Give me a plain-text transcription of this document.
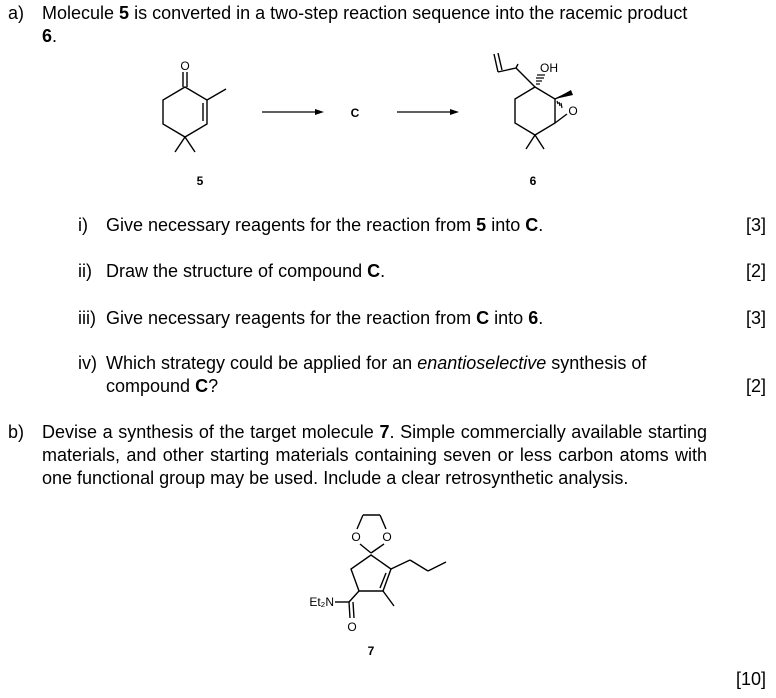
a) Molecule 5 is converted in a two-step reaction sequence into the racemic product 6.
O
C
OH
O
5	6
i) Give necessary reagents for the reaction from 5 into C.	[3]
ii) Draw the structure of compound C.	[2]
iii) Give necessary reagents for the reaction from C into 6.	[3]
iv) Which strategy could be applied for an enantioselective synthesis of compound C?	[2]
b) Devise a synthesis of the target molecule 7. Simple commercially available starting materials, and other starting materials containing seven or less carbon atoms with one functional group may be used. Include a clear retrosynthetic analysis.
O O
O
Et₂N
7
[10]
